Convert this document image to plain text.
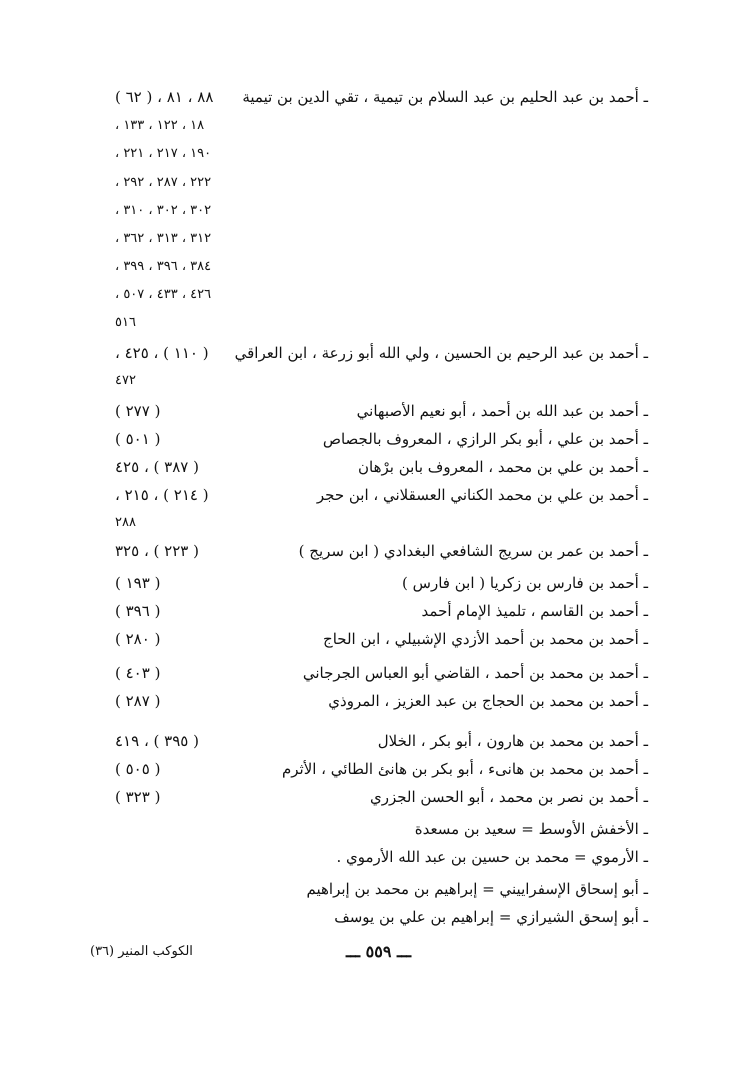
ـ أحمد بن عبد الحليم بن عبد السلام بن تيمية ، تقي الدين بن تيمية
٨٨ ، ٨١ ، ( ٦٢ )
١٨ ، ١٢٢ ، ١٣٣ ،
١٩٠ ، ٢١٧ ، ٢٢١ ،
٢٢٢ ، ٢٨٧ ، ٢٩٢ ،
٣٠٢ ، ٣٠٢ ، ٣١٠ ،
٣١٢ ، ٣١٣ ، ٣٦٢ ،
٣٨٤ ، ٣٩٦ ، ٣٩٩ ،
٤٢٦ ، ٤٣٣ ، ٥٠٧ ،
٥١٦
ـ أحمد بن عبد الرحيم بن الحسين ، ولي الله أبو زرعة ، ابن العراقي
( ١١٠ ) ، ٤٢٥ ،
٤٧٢
ـ أحمد بن عبد الله بن أحمد ، أبو نعيم الأصبهاني
( ٢٧٧ )
ـ أحمد بن علي ، أبو بكر الرازي ، المعروف بالجصاص
( ٥٠١ )
ـ أحمد بن علي بن محمد ، المعروف بابن برْهان
( ٣٨٧ ) ، ٤٢٥
ـ أحمد بن علي بن محمد الكناني العسقلاني ، ابن حجر
( ٢١٤ ) ، ٢١٥ ،
٢٨٨
ـ أحمد بن عمر بن سريج الشافعي البغدادي ( ابن سريج )
( ٢٢٣ ) ، ٣٢٥
ـ أحمد بن فارس بن زكريا ( ابن فارس )
( ١٩٣ )
ـ أحمد بن القاسم ، تلميذ الإمام أحمد
( ٣٩٦ )
ـ أحمد بن محمد بن أحمد الأزدي الإشبيلي ، ابن الحاج
( ٢٨٠ )
ـ أحمد بن محمد بن أحمد ، القاضي أبو العباس الجرجاني
( ٤٠٣ )
ـ أحمد بن محمد بن الحجاج بن عبد العزيز ، المروذي
( ٢٨٧ )
ـ أحمد بن محمد بن هارون ، أبو بكر ، الخلال
( ٣٩٥ ) ، ٤١٩
ـ أحمد بن محمد بن هانىء ، أبو بكر بن هانئ الطائي ، الأثرم
( ٥٠٥ )
ـ أحمد بن نصر بن محمد ، أبو الحسن الجزري
( ٣٢٣ )
ـ الأخفش الأوسط = سعيد بن مسعدة
ـ الأرموي = محمد بن حسين بن عبد الله الأرموي .
ـ أبو إسحاق الإسفراييني = إبراهيم بن محمد بن إبراهيم
ـ أبو إسحق الشيرازي = إبراهيم بن علي بن يوسف
الكوكب المنير (٣٦)	ـــ ٥٥٩ ـــ
